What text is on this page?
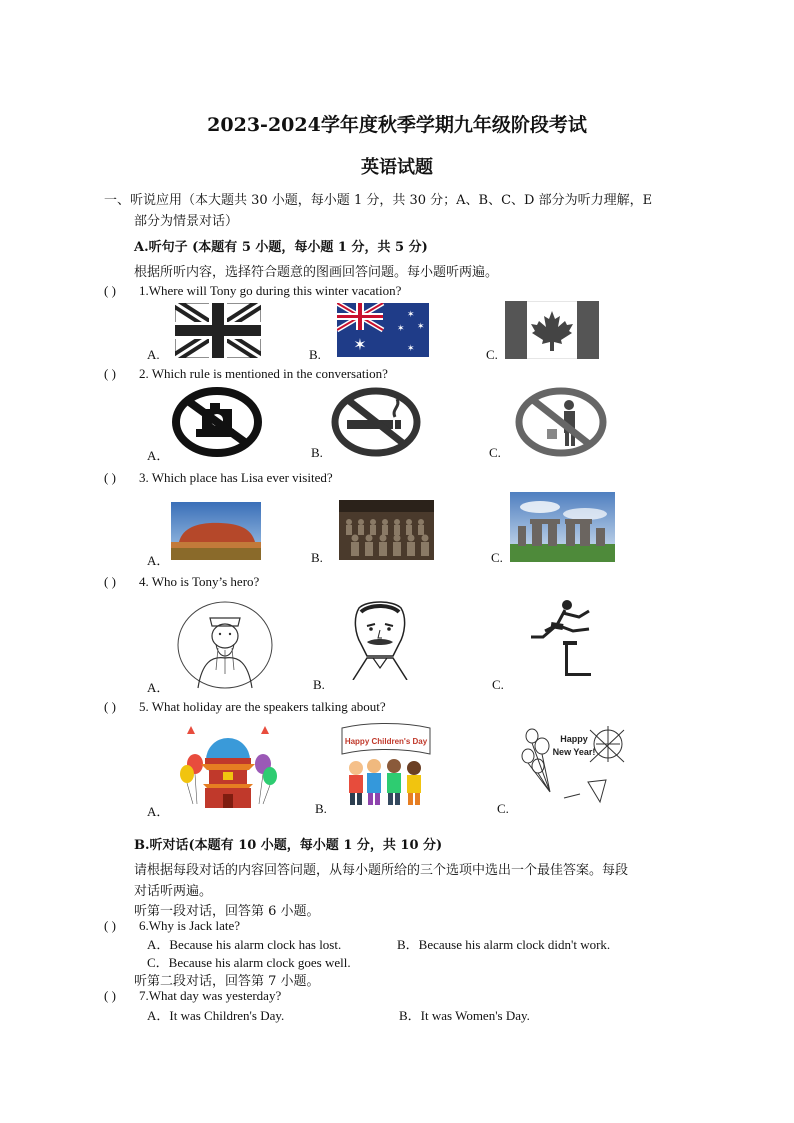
2023-2024学年度秋季学期九年级阶段考试
英语试题
一、听说应用（本大题共 30 小题，每小题 1 分，共 30 分；A、B、C、D 部分为听力理解，E
部分为情景对话）
A.听句子 (本题有 5 小题，每小题 1 分，共 5 分)
根据所听内容，选择符合题意的图画回答问题。每小题听两遍。
( ) 1.Where will Tony go during this winter vacation?
A.	B.	C.
✶
✶
✶ ✶
✶
( ) 2. Which rule is mentioned in the conversation?
A．	B.	C.
( ) 3. Which place has Lisa ever visited?
A．	B.	C.
( ) 4. Who is Tony’s hero?
A．	B.	C.
( ) 5. What holiday are the speakers talking about?
A．	B.	C.
Happy Children's Day	Happy
New Year!
B.听对话(本题有 10 小题，每小题 1 分，共 10 分)
请根据每段对话的内容回答问题，从每小题所给的三个选项中选出一个最佳答案。每段
对话听两遍。
听第一段对话，回答第 6 小题。
( ) 6.Why is Jack late?
A．Because his alarm clock has lost.	B．Because his alarm clock didn't work.
C．Because his alarm clock goes well.
听第二段对话，回答第 7 小题。
( ) 7.What day was yesterday?
A．It was Children's Day.	B．It was Women's Day.
